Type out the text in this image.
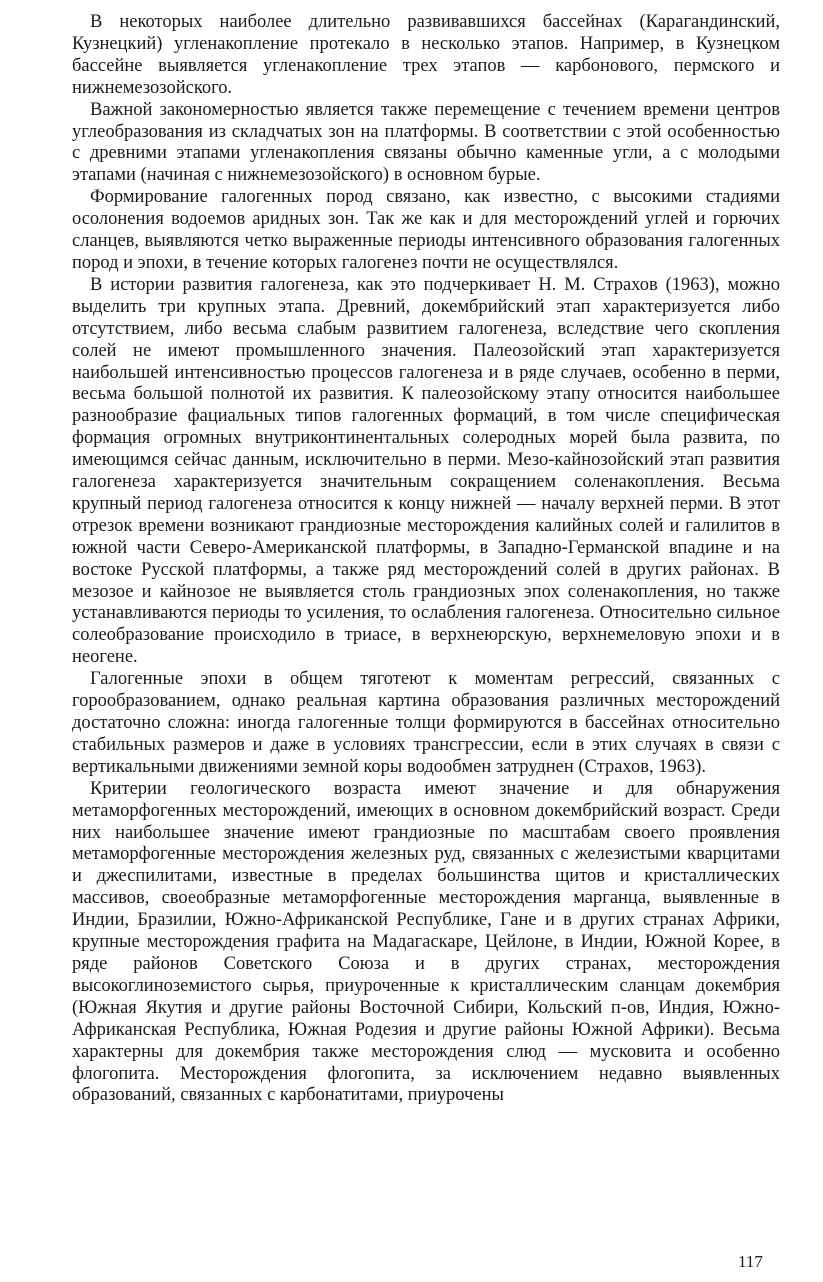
В некоторых наиболее длительно развивавшихся бассейнах (Карагандинский, Кузнецкий) угленакопление протекало в несколько этапов. Например, в Кузнецком бассейне выявляется угленакопление трех этапов — карбонового, пермского и нижнемезозойского.

Важной закономерностью является также перемещение с течением времени центров углеобразования из складчатых зон на платформы. В соответствии с этой особенностью с древними этапами угленакопления связаны обычно каменные угли, а с молодыми этапами (начиная с нижнемезозойского) в основном бурые.

Формирование галогенных пород связано, как известно, с высокими стадиями осолонения водоемов аридных зон. Так же как и для месторождений углей и горючих сланцев, выявляются четко выраженные периоды интенсивного образования галогенных пород и эпохи, в течение которых галогенез почти не осуществлялся.

В истории развития галогенеза, как это подчеркивает Н. М. Страхов (1963), можно выделить три крупных этапа. Древний, докембрийский этап характеризуется либо отсутствием, либо весьма слабым развитием галогенеза, вследствие чего скопления солей не имеют промышленного значения. Палеозойский этап характеризуется наибольшей интенсивностью процессов галогенеза и в ряде случаев, особенно в перми, весьма большой полнотой их развития. К палеозойскому этапу относится наибольшее разнообразие фациальных типов галогенных формаций, в том числе специфическая формация огромных внутриконтинентальных солеродных морей была развита, по имеющимся сейчас данным, исключительно в перми. Мезо-кайнозойский этап развития галогенеза характеризуется значительным сокращением соленакопления. Весьма крупный период галогенеза относится к концу нижней — началу верхней перми. В этот отрезок времени возникают грандиозные месторождения калийных солей и галилитов в южной части Северо-Американской платформы, в Западно-Германской впадине и на востоке Русской платформы, а также ряд месторождений солей в других районах. В мезозое и кайнозое не выявляется столь грандиозных эпох соленакопления, но также устанавливаются периоды то усиления, то ослабления галогенеза. Относительно сильное солеобразование происходило в триасе, в верхнеюрскую, верхнемеловую эпохи и в неогене.

Галогенные эпохи в общем тяготеют к моментам регрессий, связанных с горообразованием, однако реальная картина образования различных месторождений достаточно сложна: иногда галогенные толщи формируются в бассейнах относительно стабильных размеров и даже в условиях трансгрессии, если в этих случаях в связи с вертикальными движениями земной коры водообмен затруднен (Страхов, 1963).

Критерии геологического возраста имеют значение и для обнаружения метаморфогенных месторождений, имеющих в основном докембрийский возраст. Среди них наибольшее значение имеют грандиозные по масштабам своего проявления метаморфогенные месторождения железных руд, связанных с железистыми кварцитами и джеспилитами, известные в пределах большинства щитов и кристаллических массивов, своеобразные метаморфогенные месторождения марганца, выявленные в Индии, Бразилии, Южно-Африканской Республике, Гане и в других странах Африки, крупные месторождения графита на Мадагаскаре, Цейлоне, в Индии, Южной Корее, в ряде районов Советского Союза и в других странах, месторождения высокоглиноземистого сырья, приуроченные к кристаллическим сланцам докембрия (Южная Якутия и другие районы Восточной Сибири, Кольский п-ов, Индия, Южно-Африканская Республика, Южная Родезия и другие районы Южной Африки). Весьма характерны для докембрия также месторождения слюд — мусковита и особенно флогопита. Месторождения флогопита, за исключением недавно выявленных образований, связанных с карбонатитами, приурочены

117
